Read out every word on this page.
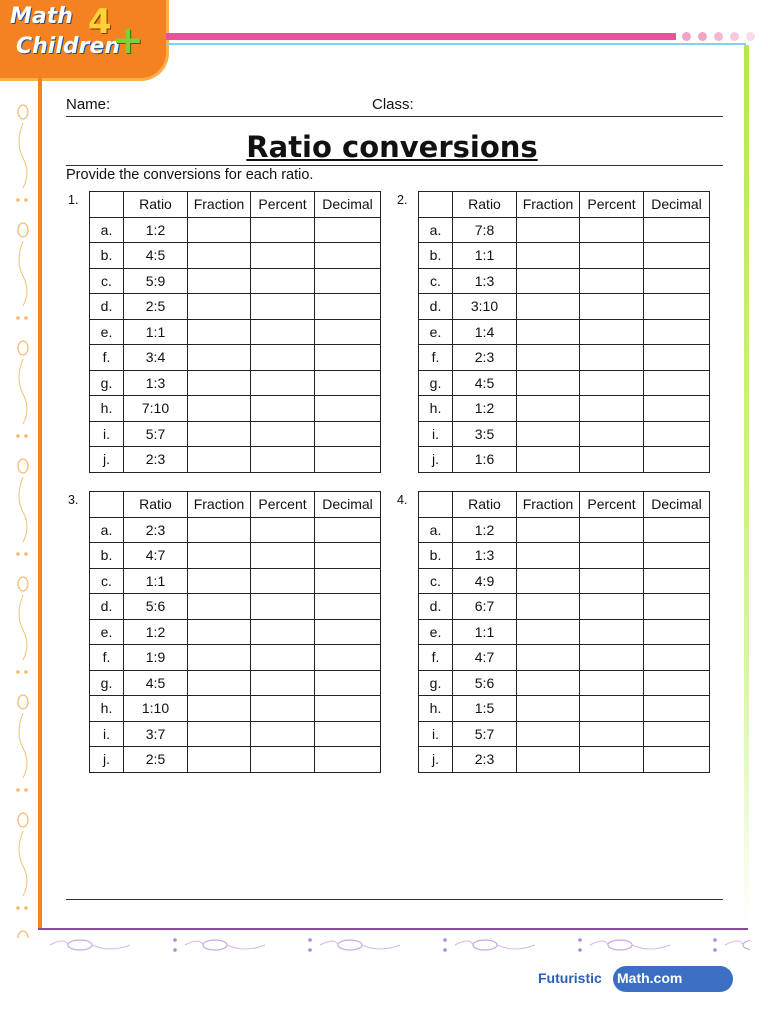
Math 4
Children
+
Name:	Class:
Ratio conversions
Provide the conversions for each ratio.
1.
		Ratio	Fraction	Percent	Decimal
a.	1:2			
b.	4:5			
c.	5:9			
d.	2:5			
e.	1:1			
f.	3:4			
g.	1:3			
h.	7:10			
i.	5:7			
j.	2:3			
2.
		Ratio	Fraction	Percent	Decimal
a.	7:8			
b.	1:1			
c.	1:3			
d.	3:10			
e.	1:4			
f.	2:3			
g.	4:5			
h.	1:2			
i.	3:5			
j.	1:6			
3.
		Ratio	Fraction	Percent	Decimal
a.	2:3			
b.	4:7			
c.	1:1			
d.	5:6			
e.	1:2			
f.	1:9			
g.	4:5			
h.	1:10			
i.	3:7			
j.	2:5			
4.
		Ratio	Fraction	Percent	Decimal
a.	1:2			
b.	1:3			
c.	4:9			
d.	6:7			
e.	1:1			
f.	4:7			
g.	5:6			
h.	1:5			
i.	5:7			
j.	2:3			
Futuristic Math.com
